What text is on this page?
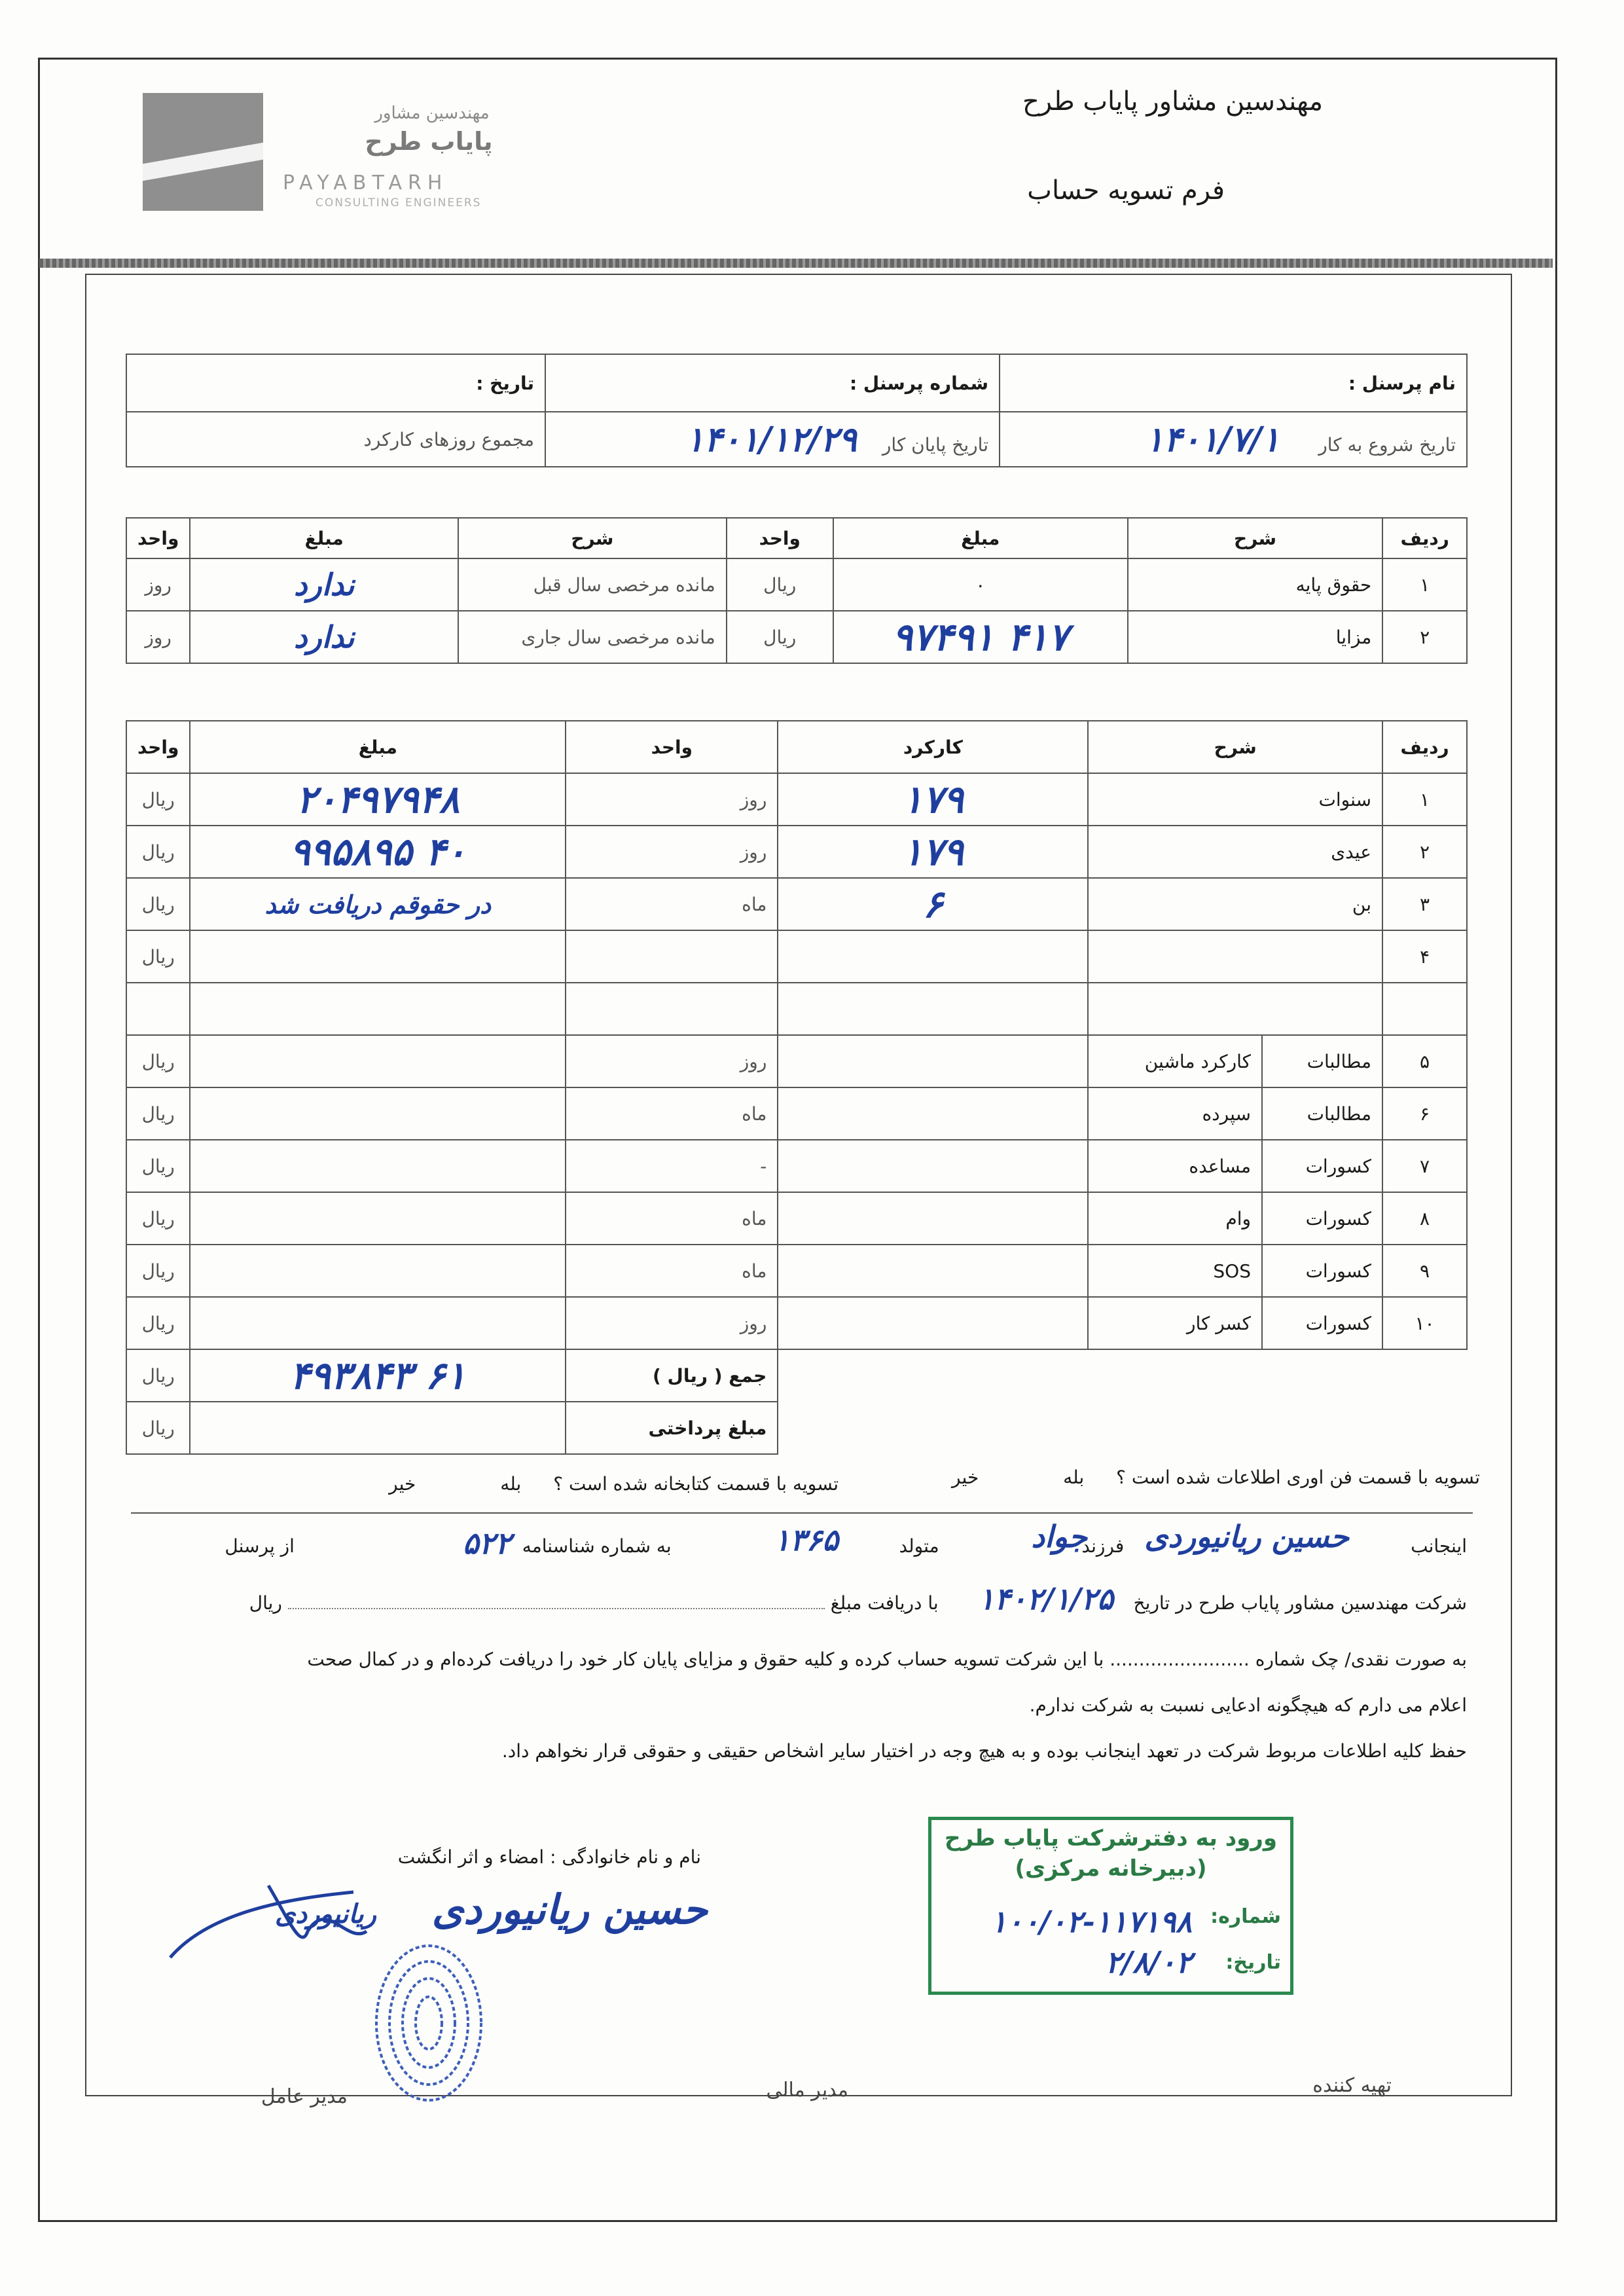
مهندسین مشاور
پایاب طرح
PAYABTARH
CONSULTING ENGINEERS
مهندسین مشاور پایاب طرح
فرم تسویه حساب
نام پرسنل :	شماره پرسنل :	تاریخ :
تاریخ شروع به کار ۱۴۰۱/۷/۱	تاریخ پایان کار ۱۴۰۱/۱۲/۲۹	مجموع روزهای کارکرد
ردیف	شرح	مبلغ	واحد	شرح	مبلغ	واحد
۱	حقوق پایه	۰	ریال	مانده مرخصی سال قبل	ندارد	روز
۲	مزایا	۴۱۷ ۹۷۴۹۱	ریال	مانده مرخصی سال جاری	ندارد	روز
ردیف	شرح		کارکرد	واحد	مبلغ	واحد
۱	سنوات		۱۷۹	روز	۲۰۴۹۷۹۴۸	ریال
۲	عیدی		۱۷۹	روز	۴۰ ۹۹۵۸۹۵	ریال
۳	بن		۶	ماه	در حقوقم دریافت شد	ریال
۴						ریال

۵	مطالبات	کارکرد ماشین		روز		ریال
۶	مطالبات	سپرده		ماه		ریال
۷	کسورات	مساعده		-		ریال
۸	کسورات	وام		ماه		ریال
۹	کسورات	SOS		ماه		ریال
۱۰	کسورات	کسر کار		روز		ریال
				جمع ( ریال )	۶۱ ۴۹۳۸۴۳	ریال
				مبلغ پرداختی		ریال
تسویه با قسمت فن اوری اطلاعات شده است ؟ بله خیر
تسویه با قسمت کتابخانه شده است ؟ بله خیر
اینجانب  فرزند  متولد  به شماره شناسنامه  از پرسنل	حسین ریانیوردی
جواد
۱۳۶۵
۵۲۲
شرکت مهندسین مشاور پایاب طرح در تاریخ  با دریافت مبلغ  ریال	۱۴۰۲/۱/۲۵
به صورت نقدی/ چک شماره ........................ با این شرکت تسویه حساب کرده و کلیه حقوق و مزایای پایان کار خود را دریافت کرده‌ام و در کمال صحت
اعلام می دارم که هیچگونه ادعایی نسبت به شرکت ندارم.
حفظ کلیه اطلاعات مربوط شرکت در تعهد اینجانب بوده و به هیچ وجه در اختیار سایر اشخاص حقیقی و حقوقی قرار نخواهم داد.
نام و نام خانوادگی : امضاء و اثر انگشت
حسین ریانیوردی
ریانیوردی
ورود به دفترشرکت پایاب طرح
(دبیرخانه مرکزی)
شماره:
۱۰۰/۰۲-۱۱۷۱۹۸
تاریخ:
۲/۸/۰۲
تهیه کننده
مدیر مالی
مدیر عامل
